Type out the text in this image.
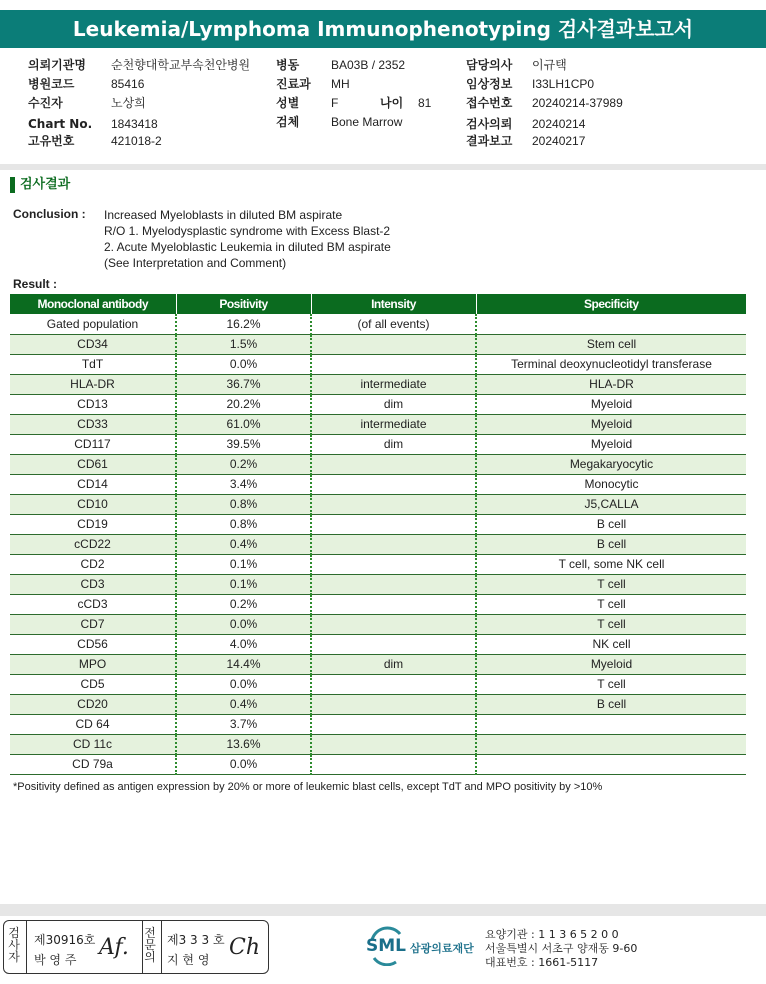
Leukemia/Lymphoma Immunophenotyping 검사결과보고서
의뢰기관명 순천향대학교부속천안병원
병원코드	85416
수진자	노상희
Chart No. 1843418
고유번호	421018-2
병동	BA03B / 2352
진료과 MH
성별	F	나이 81
검체	Bone Marrow
담당의사 이규택
임상정보 I33LH1CP0
접수번호 20240214-37989
검사의뢰 20240214
결과보고 20240217
검사결과
Conclusion : Increased Myeloblasts in diluted BM aspirate
R/O 1. Myelodysplastic syndrome with Excess Blast-2
2. Acute Myeloblastic Leukemia in diluted BM aspirate
(See Interpretation and Comment)
Result :
Monoclonal antibody	Positivity	Intensity	Specificity
Gated population	16.2%	(of all events)	
CD34	1.5%		Stem cell
TdT	0.0%		Terminal deoxynucleotidyl transferase
HLA-DR	36.7%	intermediate	HLA-DR
CD13	20.2%	dim	Myeloid
CD33	61.0%	intermediate	Myeloid
CD117	39.5%	dim	Myeloid
CD61	0.2%		Megakaryocytic
CD14	3.4%		Monocytic
CD10	0.8%		J5,CALLA
CD19	0.8%		B cell
cCD22	0.4%		B cell
CD2	0.1%		T cell, some NK cell
CD3	0.1%		T cell
cCD3	0.2%		T cell
CD7	0.0%		T cell
CD56	4.0%		NK cell
MPO	14.4%	dim	Myeloid
CD5	0.0%		T cell
CD20	0.4%		B cell
CD 64	3.7%		
CD 11c	13.6%		
CD 79a	0.0%		
*Positivity defined as antigen expression by 20% or more of leukemic blast cells, except TdT and MPO positivity by >10%
검사자
제30916호
박 영 주 Af.
전문의
제3 3 3 호
지 현 영 Ch	SML 삼광의료재단
요양기관 : 1 1 3 6 5 2 0 0
서울특별시 서초구 양재동 9-60
대표번호 : 1661-5117
